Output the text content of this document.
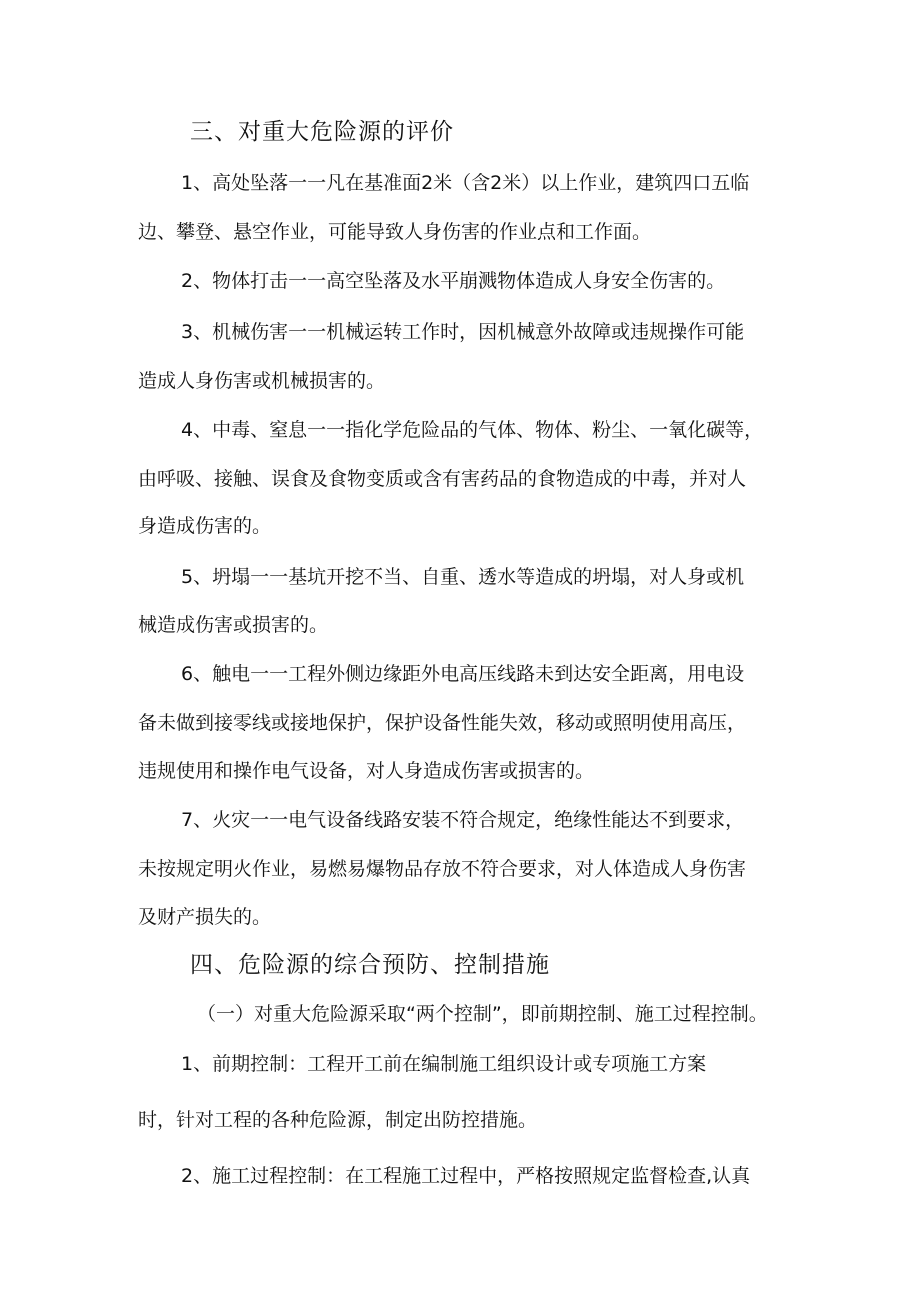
三、对重大危险源的评价
1、高处坠落一一凡在基准面2米（含2米）以上作业，建筑四口五临
边、攀登、悬空作业，可能导致人身伤害的作业点和工作面。
2、物体打击一一高空坠落及水平崩溅物体造成人身安全伤害的。
3、机械伤害一一机械运转工作时，因机械意外故障或违规操作可能
造成人身伤害或机械损害的。
4、中毒、窒息一一指化学危险品的气体、物体、粉尘、一氧化碳等，
由呼吸、接触、误食及食物变质或含有害药品的食物造成的中毒，并对人
身造成伤害的。
5、坍塌一一基坑开挖不当、自重、透水等造成的坍塌，对人身或机
械造成伤害或损害的。
6、触电一一工程外侧边缘距外电高压线路未到达安全距离，用电设
备未做到接零线或接地保护，保护设备性能失效，移动或照明使用高压，
违规使用和操作电气设备，对人身造成伤害或损害的。
7、火灾一一电气设备线路安装不符合规定，绝缘性能达不到要求，
未按规定明火作业，易燃易爆物品存放不符合要求，对人体造成人身伤害
及财产损失的。
四、危险源的综合预防、控制措施
（一）对重大危险源采取“两个控制”，即前期控制、施工过程控制。
1、前期控制：工程开工前在编制施工组织设计或专项施工方案
时，针对工程的各种危险源，制定出防控措施。
2、施工过程控制：在工程施工过程中，严格按照规定监督检查,认真
